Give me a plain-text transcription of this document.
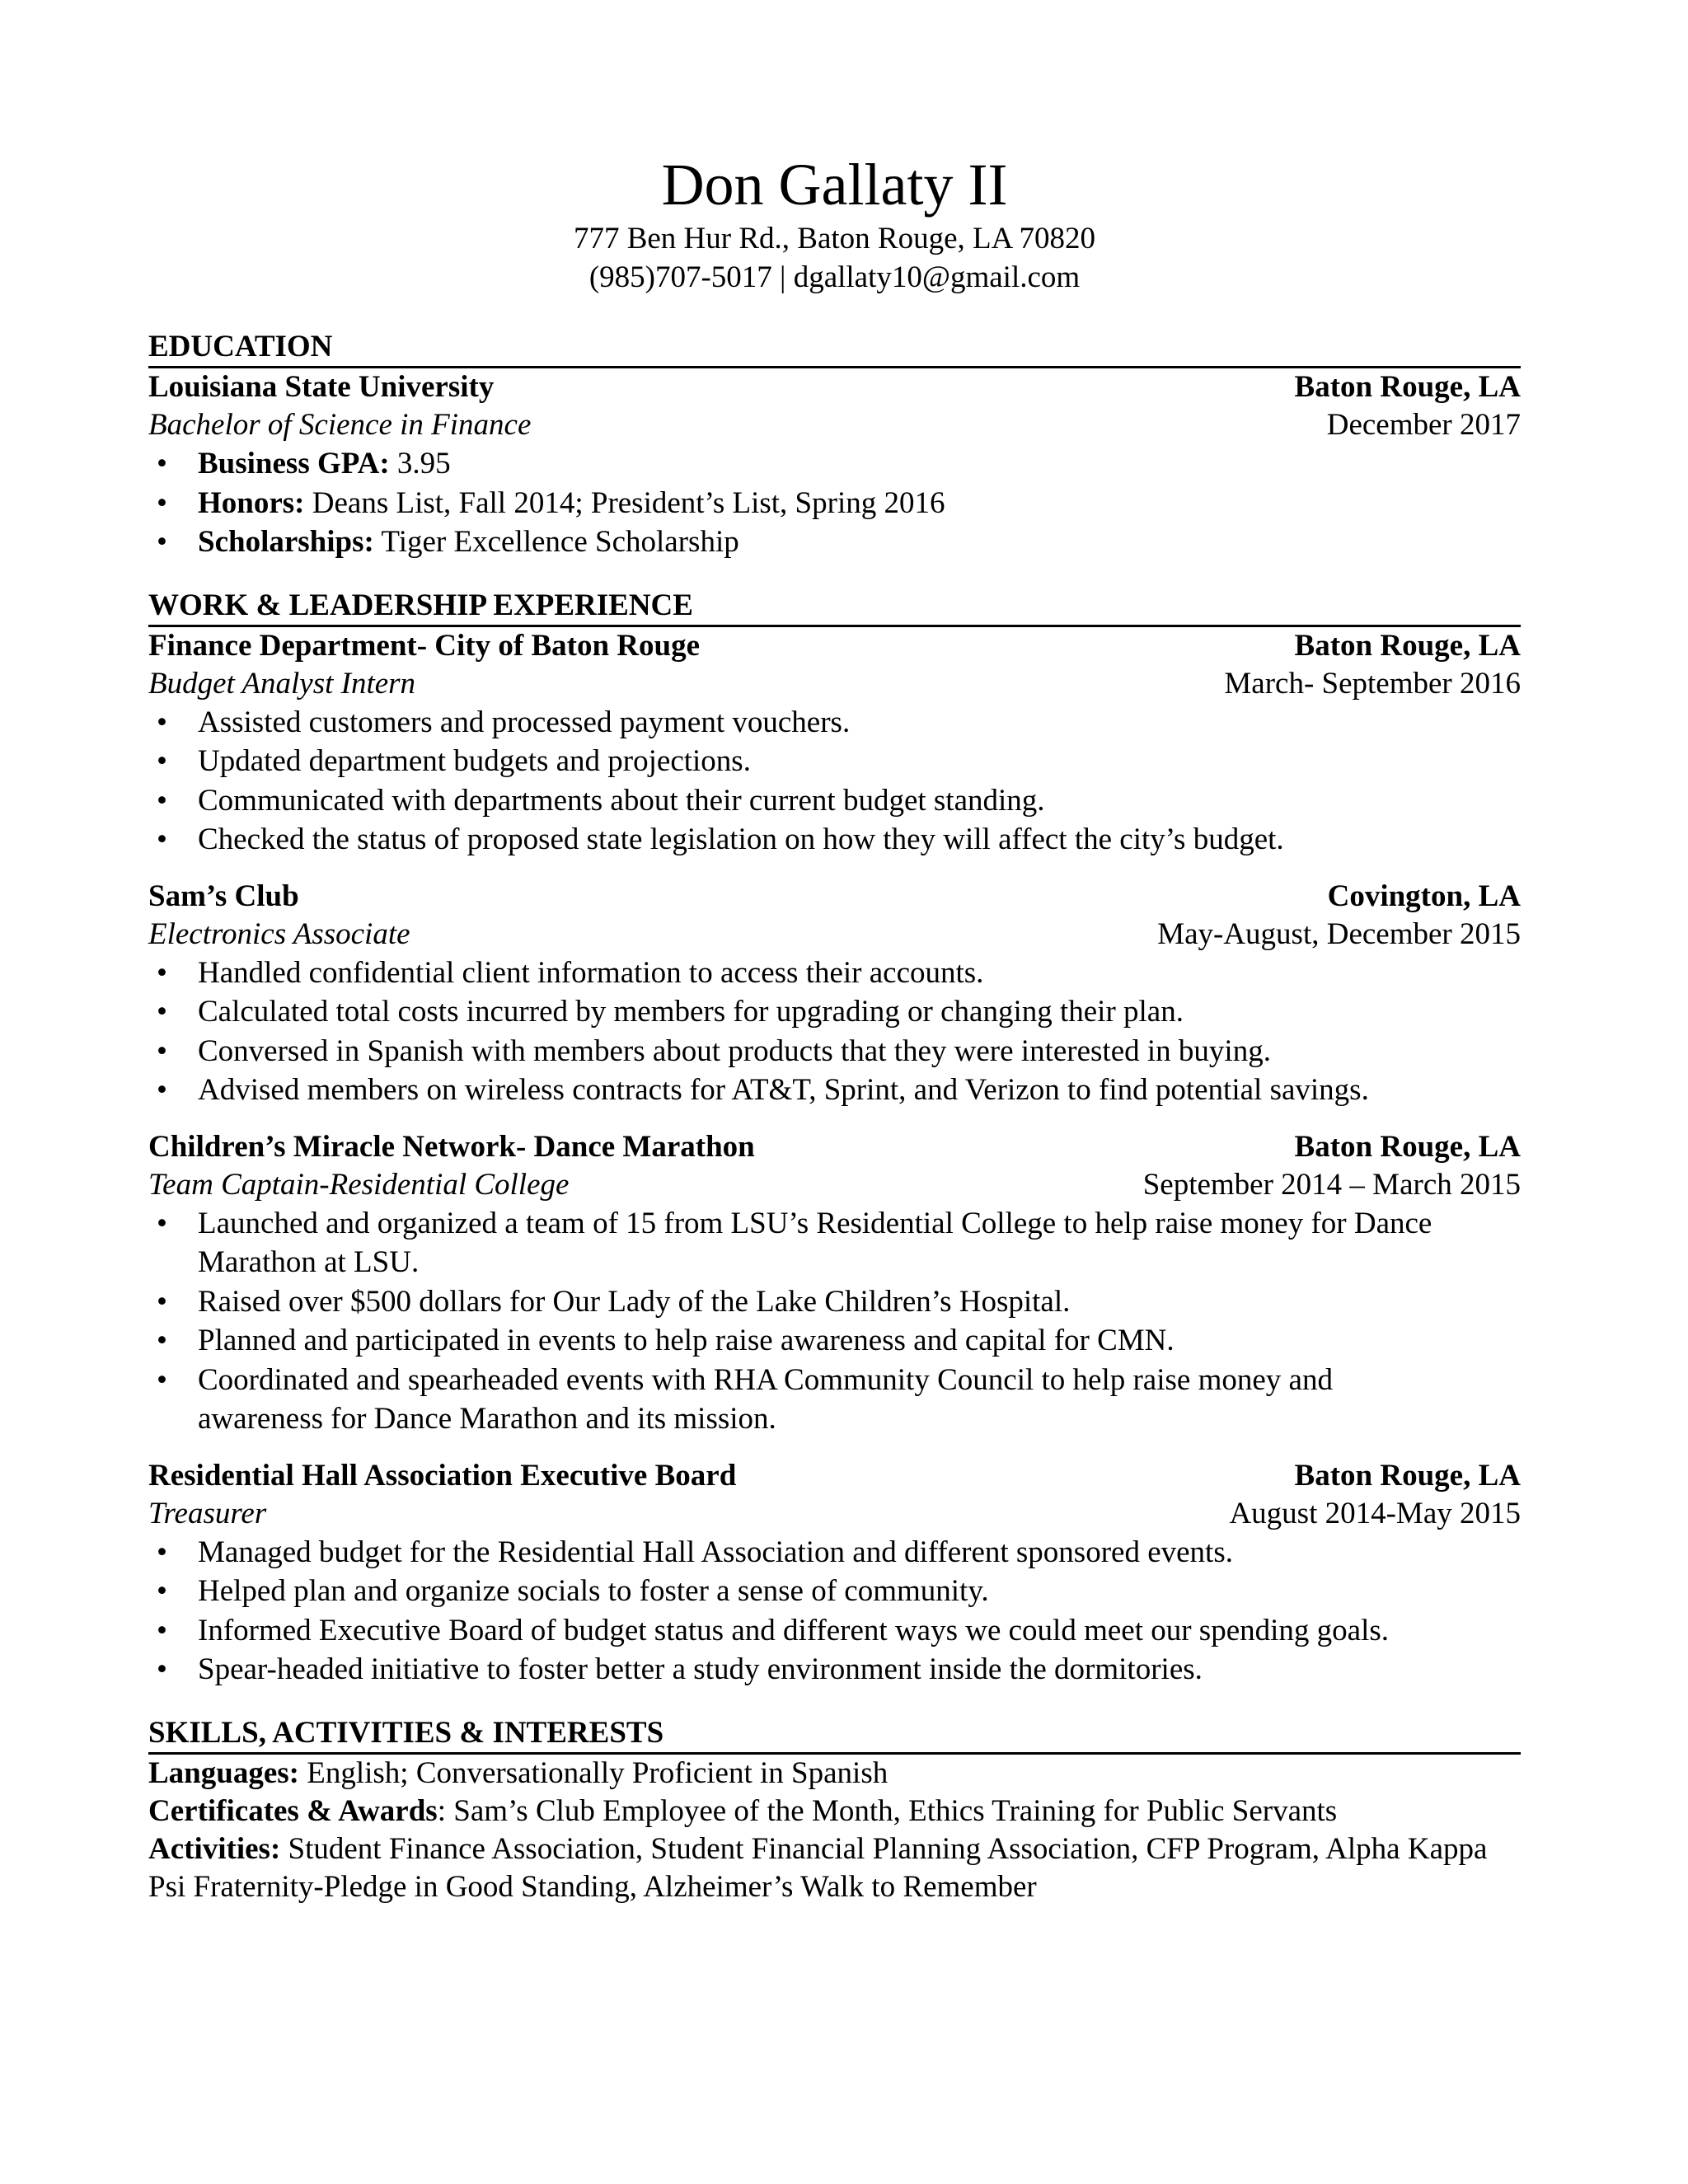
Don Gallaty II
777 Ben Hur Rd., Baton Rouge, LA 70820
(985)707-5017 | dgallaty10@gmail.com
EDUCATION
Louisiana State University	Baton Rouge, LA
Bachelor of Science in Finance	December 2017
• Business GPA: 3.95
• Honors: Deans List, Fall 2014; President’s List, Spring 2016
• Scholarships: Tiger Excellence Scholarship
WORK & LEADERSHIP EXPERIENCE
Finance Department- City of Baton Rouge	Baton Rouge, LA
Budget Analyst Intern	March- September 2016
• Assisted customers and processed payment vouchers.
• Updated department budgets and projections.
• Communicated with departments about their current budget standing.
• Checked the status of proposed state legislation on how they will affect the city’s budget.
Sam’s Club	Covington, LA
Electronics Associate	May-August, December 2015
• Handled confidential client information to access their accounts.
• Calculated total costs incurred by members for upgrading or changing their plan.
• Conversed in Spanish with members about products that they were interested in buying.
• Advised members on wireless contracts for AT&T, Sprint, and Verizon to find potential savings.
Children’s Miracle Network- Dance Marathon	Baton Rouge, LA
Team Captain-Residential College	September 2014 – March 2015
• Launched and organized a team of 15 from LSU’s Residential College to help raise money for Dance Marathon at LSU.
• Raised over $500 dollars for Our Lady of the Lake Children’s Hospital.
• Planned and participated in events to help raise awareness and capital for CMN.
• Coordinated and spearheaded events with RHA Community Council to help raise money and awareness for Dance Marathon and its mission.
Residential Hall Association Executive Board	Baton Rouge, LA
Treasurer	August 2014-May 2015
• Managed budget for the Residential Hall Association and different sponsored events.
• Helped plan and organize socials to foster a sense of community.
• Informed Executive Board of budget status and different ways we could meet our spending goals.
• Spear-headed initiative to foster better a study environment inside the dormitories.
SKILLS, ACTIVITIES & INTERESTS
Languages: English; Conversationally Proficient in Spanish
Certificates & Awards: Sam’s Club Employee of the Month, Ethics Training for Public Servants
Activities: Student Finance Association, Student Financial Planning Association, CFP Program, Alpha Kappa Psi Fraternity-Pledge in Good Standing, Alzheimer’s Walk to Remember
